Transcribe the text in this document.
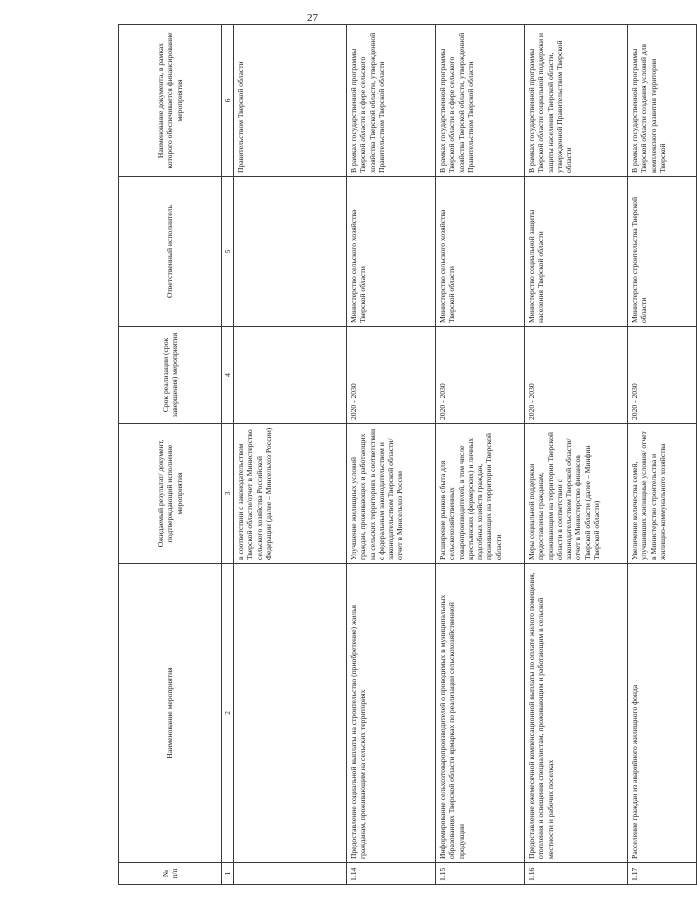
27
№ п/п	Наименование мероприятия	Ожидаемый результат/ документ, подтверждающий исполнение мероприятия	Срок реализации (срок завершения) мероприятия	Ответственный исполнитель	Наименование документа, в рамках которого обеспечивается финансирование мероприятия
1	2	3	4	5	6
		в соответствии с законодательством Тверской области/отчет в Министерство сельского хозяйства Российской Федерации (далее – Минсельхоз России)			Правительством Тверской области
1.14	Предоставление социальной выплаты на строительство (приобретение) жилья гражданам, проживающим на сельских территориях	Улучшение жилищных условий граждан, проживающих и работающих на сельских территориях в соответствии с федеральным законодательством и законодательством Тверской области/отчет в Минсельхоз России	2020 - 2030	Министерство сельского хозяйства Тверской области	В рамках государственной программы Тверской области в сфере сельского хозяйства Тверской области, утвержденной Правительством Тверской области
1.15	Информирование сельхозтоваропроизводителей о проводимых в муниципальных образованиях Тверской области ярмарках по реализации сельскохозяйственной продукции	Расширение рынков сбыта для сельскохозяйственных товаропроизводителей, в том числе крестьянских (фермерских) и личных подсобных хозяйств граждан, проживающих на территории Тверской области	2020 - 2030	Министерство сельского хозяйства Тверской области	В рамках государственной программы Тверской области в сфере сельского хозяйства Тверской области, утвержденной Правительством Тверской области
1.16	Предоставление ежемесячной компенсационной выплаты по оплате жилого помещения, отопления и освещения специалистам, проживающим и работающим в сельской местности и рабочих поселках	Меры социальной поддержки предоставлены гражданам, проживающим на территории Тверской области в соответствии с законодательством Тверской области/отчет в Министерство финансов Тверской области (далее – Минфин Тверской области)	2020 - 2030	Министерство социальной защиты населения Тверской области	В рамках государственной программы Тверской области социальной поддержки и защиты населения Тверской области, утвержденной Правительством Тверской области
1.17	Расселение граждан из аварийного жилищного фонда	Увеличение количества семей, улучшивших жилищные условия/ отчет в Министерство строительства и жилищно-коммунального хозяйства	2020 - 2030	Министерство строительства Тверской области	В рамках государственной программы Тверской области создания условий для комплексного развития территории Тверской
